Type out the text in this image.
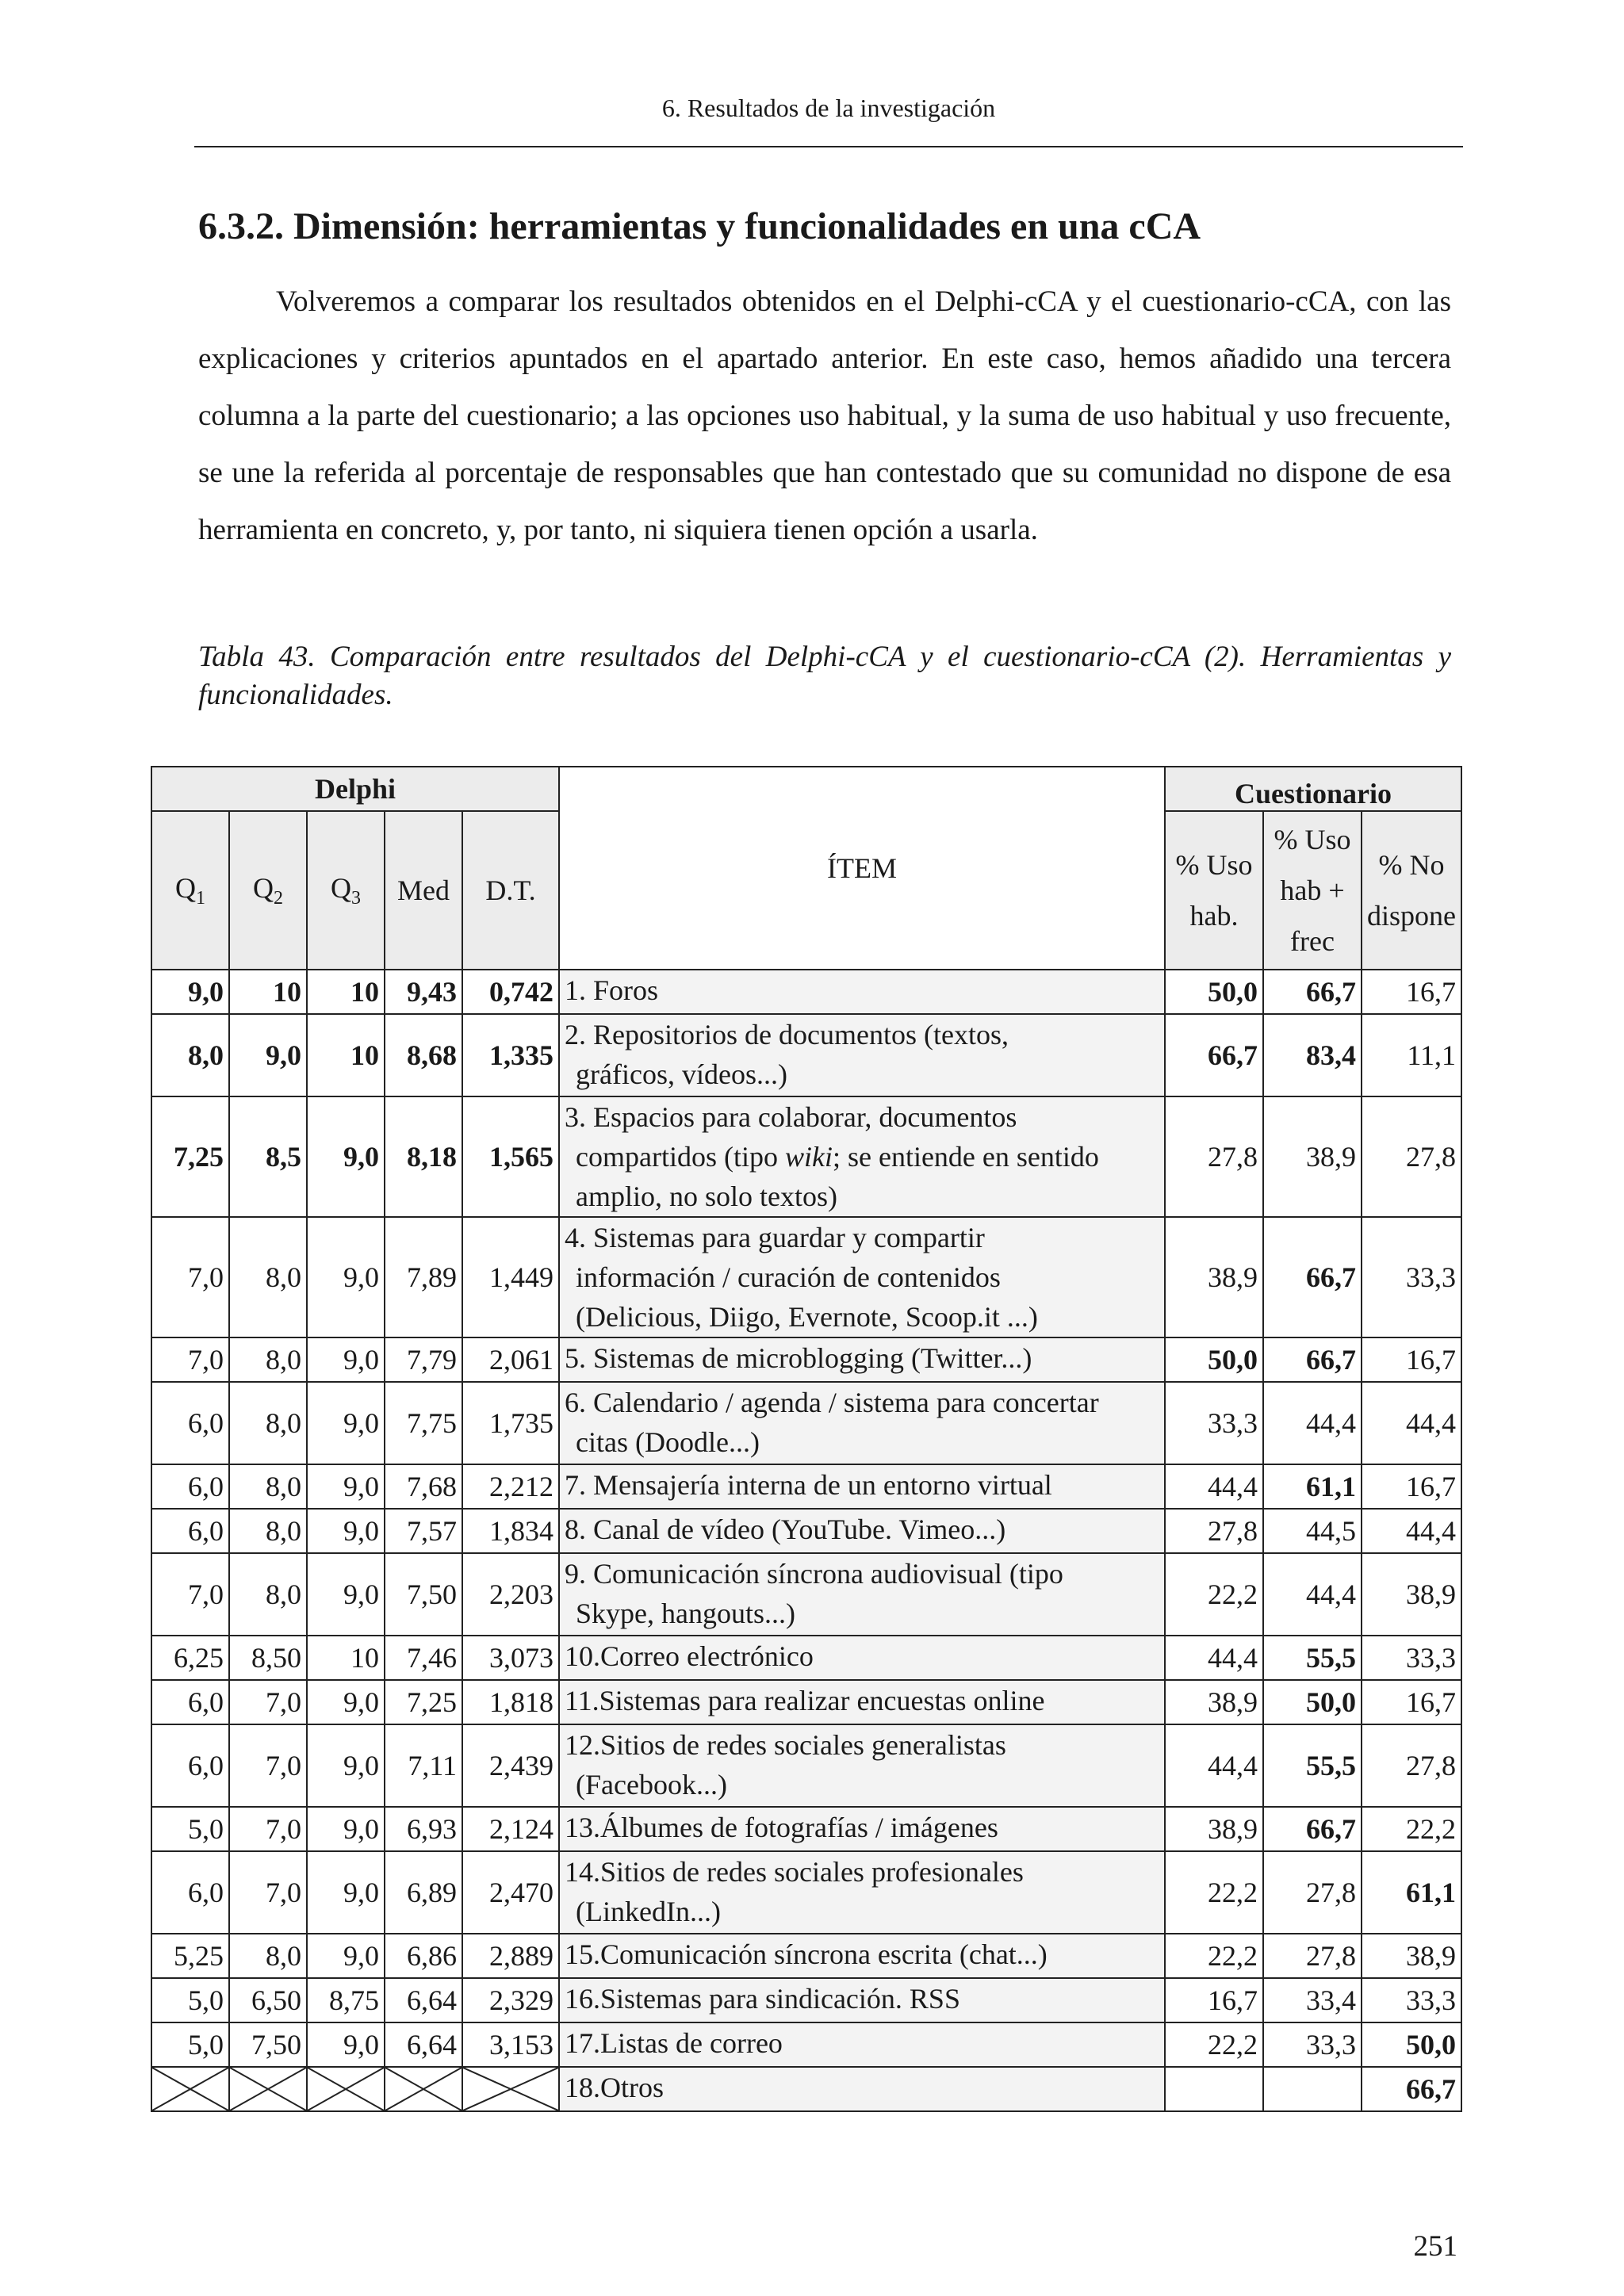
6. Resultados de la investigación
6.3.2. Dimensión: herramientas y funcionalidades en una cCA

Volveremos a comparar los resultados obtenidos en el Delphi-cCA y el cuestionario-cCA, con las explicaciones y criterios apuntados en el apartado anterior. En este caso, hemos añadido una tercera columna a la parte del cuestionario; a las opciones uso habitual, y la suma de uso habitual y uso frecuente, se une la referida al porcentaje de responsables que han contestado que su comunidad no dispone de esa herramienta en concreto, y, por tanto, ni siquiera tienen opción a usarla.

Tabla 43. Comparación entre resultados del Delphi-cCA y el cuestionario-cCA (2). Herramientas y funcionalidades.

Delphi					ÍTEM	Cuestionario		
$Q_1$	$Q_2$	$Q_3$	Med	D.T.		% Uso hab.	% Uso hab + frec	% No dispone
9,0	10	10	9,43	0,742	1. Foros	50,0	66,7	16,7
8,0	9,0	10	8,68	1,335	2. Repositorios de documentos (textos,
gráficos, vídeos...)	66,7	83,4	11,1
7,25	8,5	9,0	8,18	1,565	3. Espacios para colaborar, documentos
compartidos (tipo wiki; se entiende en sentido
amplio, no solo textos)	27,8	38,9	27,8
7,0	8,0	9,0	7,89	1,449	4. Sistemas para guardar y compartir
información / curación de contenidos
(Delicious, Diigo, Evernote, Scoop.it ...)	38,9	66,7	33,3
7,0	8,0	9,0	7,79	2,061	5. Sistemas de microblogging (Twitter...)	50,0	66,7	16,7
6,0	8,0	9,0	7,75	1,735	6. Calendario / agenda / sistema para concertar
citas (Doodle...)	33,3	44,4	44,4
6,0	8,0	9,0	7,68	2,212	7. Mensajería interna de un entorno virtual	44,4	61,1	16,7
6,0	8,0	9,0	7,57	1,834	8. Canal de vídeo (YouTube. Vimeo...)	27,8	44,5	44,4
7,0	8,0	9,0	7,50	2,203	9. Comunicación síncrona audiovisual (tipo
Skype, hangouts...)	22,2	44,4	38,9
6,25	8,50	10	7,46	3,073	10.Correo electrónico	44,4	55,5	33,3
6,0	7,0	9,0	7,25	1,818	11.Sistemas para realizar encuestas online	38,9	50,0	16,7
6,0	7,0	9,0	7,11	2,439	12.Sitios de redes sociales generalistas
(Facebook...)	44,4	55,5	27,8
5,0	7,0	9,0	6,93	2,124	13.Álbumes de fotografías / imágenes	38,9	66,7	22,2
6,0	7,0	9,0	6,89	2,470	14.Sitios de redes sociales profesionales
(LinkedIn...)	22,2	27,8	61,1
5,25	8,0	9,0	6,86	2,889	15.Comunicación síncrona escrita (chat...)	22,2	27,8	38,9
5,0	6,50	8,75	6,64	2,329	16.Sistemas para sindicación. RSS	16,7	33,4	33,3
5,0	7,50	9,0	6,64	3,153	17.Listas de correo	22,2	33,3	50,0

18.Otros			66,7
251
